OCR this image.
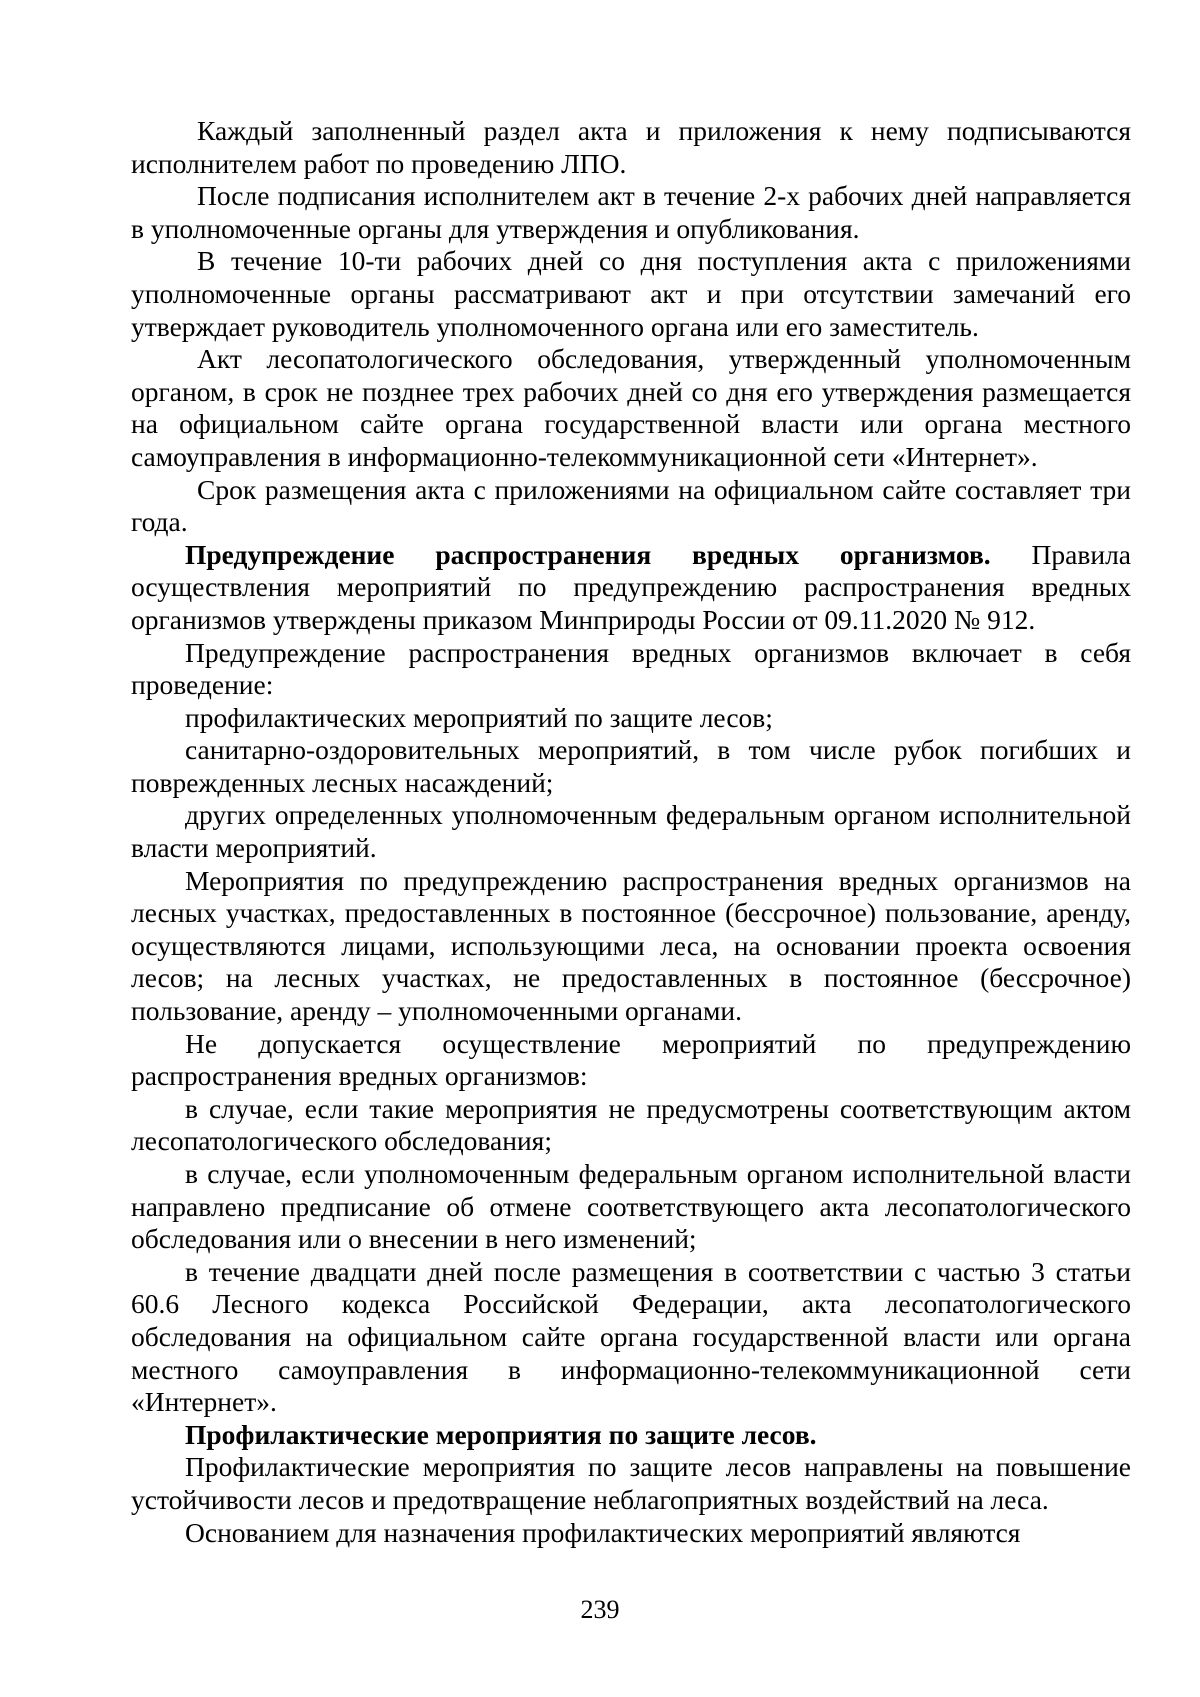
Каждый заполненный раздел акта и приложения к нему подписываются исполнителем работ по проведению ЛПО.

После подписания исполнителем акт в течение 2-х рабочих дней направляется в уполномоченные органы для утверждения и опубликования.

В течение 10-ти рабочих дней со дня поступления акта с приложениями уполномоченные органы рассматривают акт и при отсутствии замечаний его утверждает руководитель уполномоченного органа или его заместитель.

Акт лесопатологического обследования, утвержденный уполномоченным органом, в срок не позднее трех рабочих дней со дня его утверждения размещается на официальном сайте органа государственной власти или органа местного самоуправления в информационно-телекоммуникационной сети «Интернет».

Срок размещения акта с приложениями на официальном сайте составляет три года.

Предупреждение распространения вредных организмов. Правила осуществления мероприятий по предупреждению распространения вредных организмов утверждены приказом Минприроды России от 09.11.2020 № 912.

Предупреждение распространения вредных организмов включает в себя проведение:

профилактических мероприятий по защите лесов;

санитарно-оздоровительных мероприятий, в том числе рубок погибших и поврежденных лесных насаждений;

других определенных уполномоченным федеральным органом исполнительной власти мероприятий.

Мероприятия по предупреждению распространения вредных организмов на лесных участках, предоставленных в постоянное (бессрочное) пользование, аренду, осуществляются лицами, использующими леса, на основании проекта освоения лесов; на лесных участках, не предоставленных в постоянное (бессрочное) пользование, аренду – уполномоченными органами.

Не допускается осуществление мероприятий по предупреждению распространения вредных организмов:

в случае, если такие мероприятия не предусмотрены соответствующим актом лесопатологического обследования;

в случае, если уполномоченным федеральным органом исполнительной власти направлено предписание об отмене соответствующего акта лесопатологического обследования или о внесении в него изменений;

в течение двадцати дней после размещения в соответствии с частью 3 статьи 60.6 Лесного кодекса Российской Федерации, акта лесопатологического обследования на официальном сайте органа государственной власти или органа местного самоуправления в информационно-телекоммуникационной сети «Интернет».

Профилактические мероприятия по защите лесов.

Профилактические мероприятия по защите лесов направлены на повышение устойчивости лесов и предотвращение неблагоприятных воздействий на леса.

Основанием для назначения профилактических мероприятий являются

239
